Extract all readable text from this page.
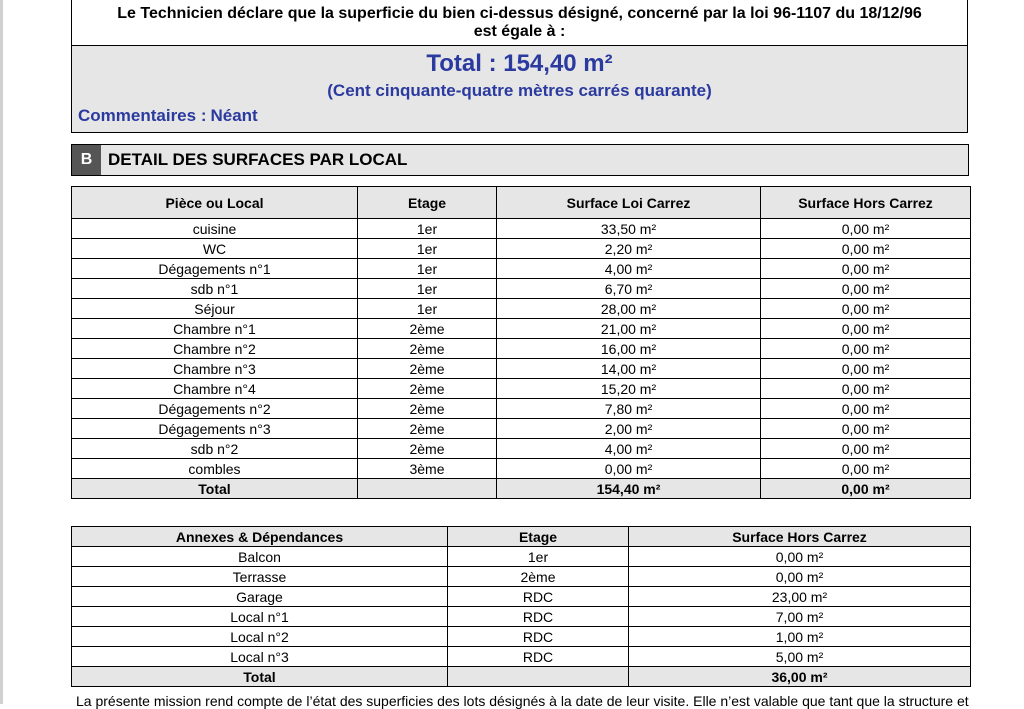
Le Technicien déclare que la superficie du bien ci-dessus désigné, concerné par la loi 96-1107 du 18/12/96
est égale à :
Total : 154,40 m²
(Cent cinquante-quatre mètres carrés quarante)
Commentaires : Néant
B DETAIL DES SURFACES PAR LOCAL
Pièce ou Local	Etage	Surface Loi Carrez	Surface Hors Carrez
cuisine	1er	33,50 m²	0,00 m²
WC	1er	2,20 m²	0,00 m²
Dégagements n°1	1er	4,00 m²	0,00 m²
sdb n°1	1er	6,70 m²	0,00 m²
Séjour	1er	28,00 m²	0,00 m²
Chambre n°1	2ème	21,00 m²	0,00 m²
Chambre n°2	2ème	16,00 m²	0,00 m²
Chambre n°3	2ème	14,00 m²	0,00 m²
Chambre n°4	2ème	15,20 m²	0,00 m²
Dégagements n°2	2ème	7,80 m²	0,00 m²
Dégagements n°3	2ème	2,00 m²	0,00 m²
sdb n°2	2ème	4,00 m²	0,00 m²
combles	3ème	0,00 m²	0,00 m²
Total		154,40 m²	0,00 m²
Annexes & Dépendances	Etage	Surface Hors Carrez
Balcon	1er	0,00 m²
Terrasse	2ème	0,00 m²
Garage	RDC	23,00 m²
Local n°1	RDC	7,00 m²
Local n°2	RDC	1,00 m²
Local n°3	RDC	5,00 m²
Total		36,00 m²
La présente mission rend compte de l’état des superficies des lots désignés à la date de leur visite. Elle n’est valable que tant que la structure et
